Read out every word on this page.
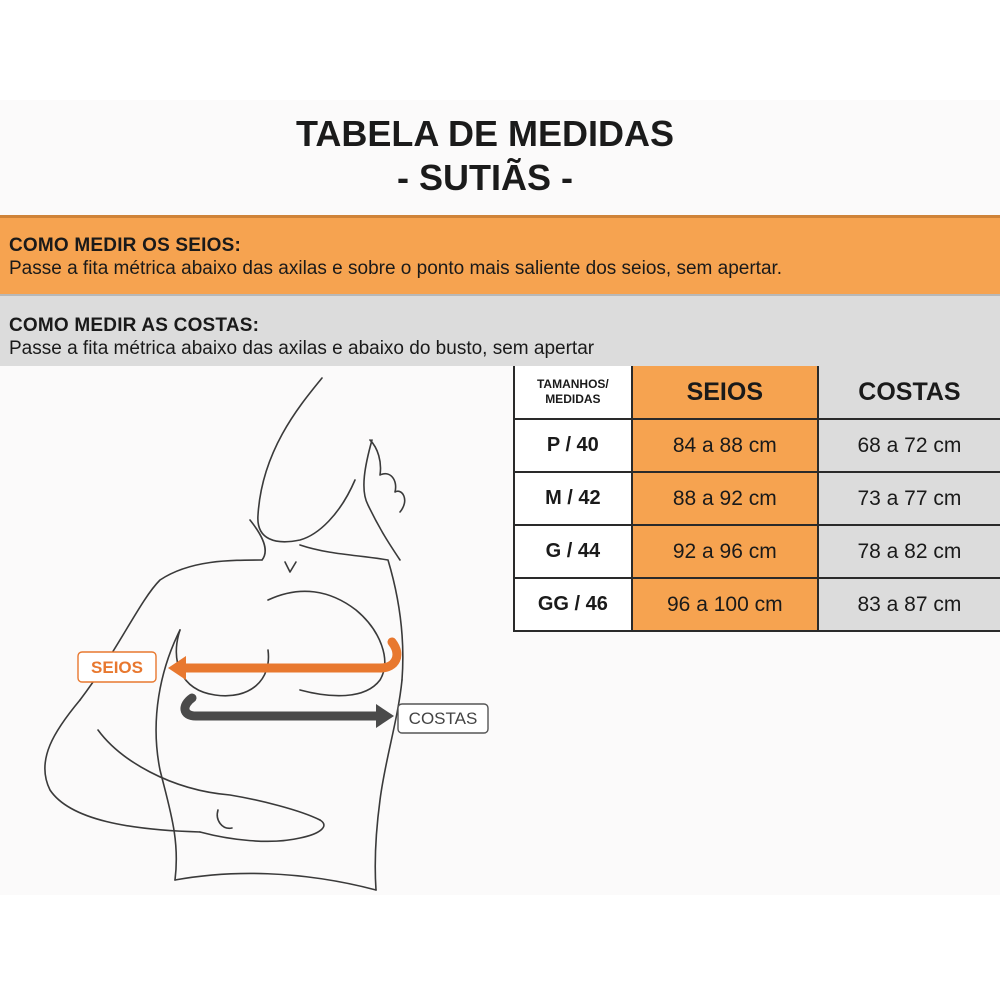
TABELA DE MEDIDAS
- SUTIÃS -
COMO MEDIR OS SEIOS:
Passe a fita métrica abaixo das axilas e sobre o ponto mais saliente dos seios, sem apertar.
COMO MEDIR AS COSTAS:
Passe a fita métrica abaixo das axilas e abaixo do busto, sem apertar
SEIOS
COSTAS
TAMANHOS/
MEDIDAS	SEIOS	COSTAS
P / 40	84 a 88 cm	68 a 72 cm
M / 42	88 a 92 cm	73 a 77 cm
G / 44	92 a 96 cm	78 a 82 cm
GG / 46	96 a 100 cm	83 a 87 cm
